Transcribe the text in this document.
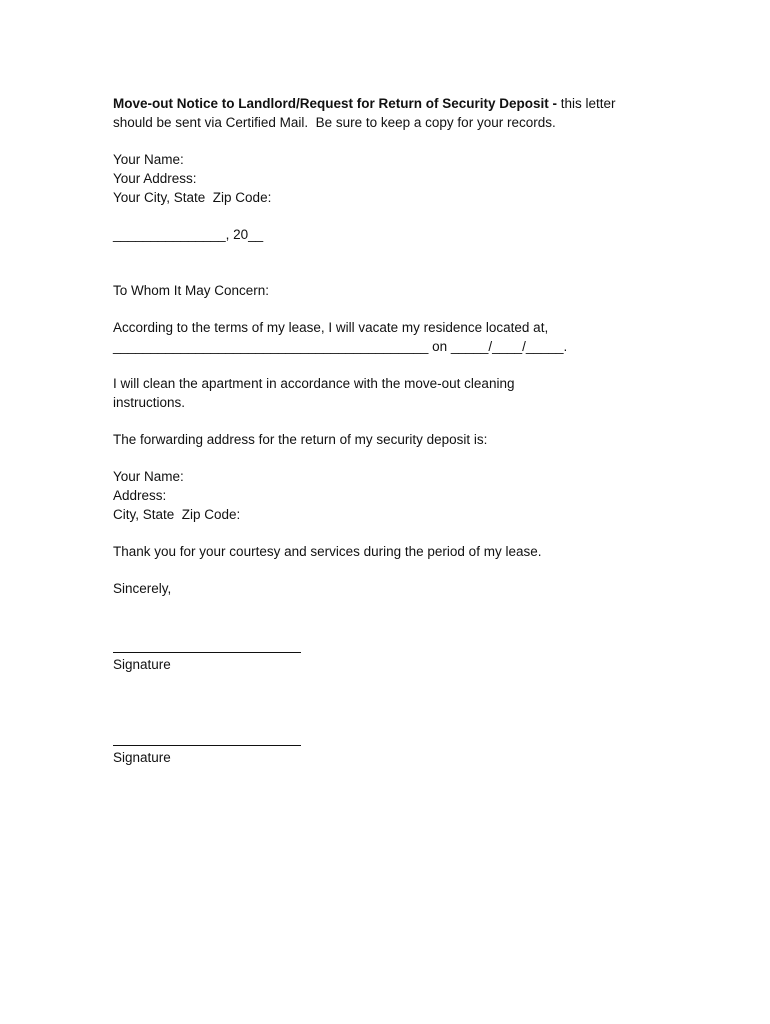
Move-out Notice to Landlord/Request for Return of Security Deposit - this letter
should be sent via Certified Mail.  Be sure to keep a copy for your records.

Your Name:
Your Address:
Your City, State  Zip Code:

_______________, 20__

To Whom It May Concern:

According to the terms of my lease, I will vacate my residence located at,
__________________________________________ on _____/____/_____.

I will clean the apartment in accordance with the move-out cleaning
instructions.

The forwarding address for the return of my security deposit is:

Your Name:
Address:
City, State  Zip Code:

Thank you for your courtesy and services during the period of my lease.

Sincerely,

Signature
Signature
